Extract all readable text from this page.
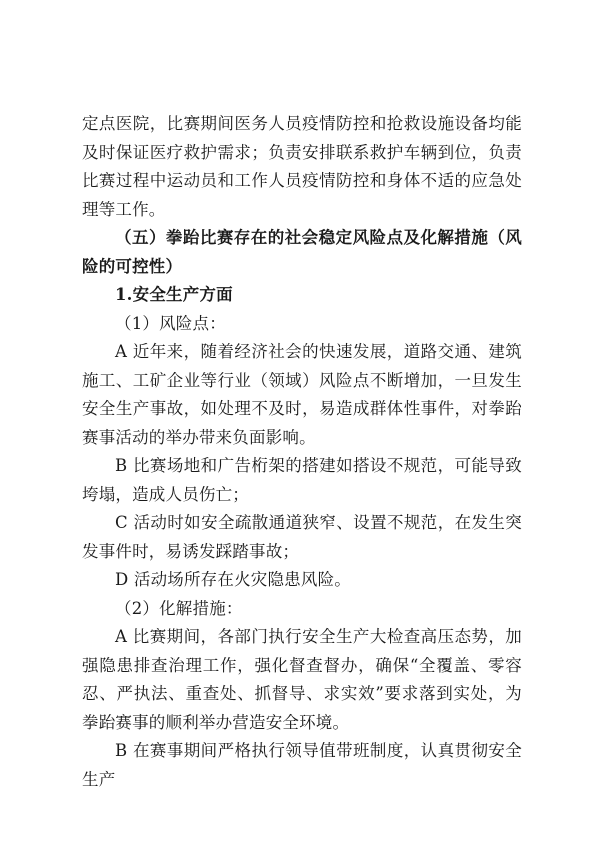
定点医院，比赛期间医务人员疫情防控和抢救设施设备均能及时保证医疗救护需求；负责安排联系救护车辆到位，负责比赛过程中运动员和工作人员疫情防控和身体不适的应急处理等工作。

（五）拳跆比赛存在的社会稳定风险点及化解措施（风险的可控性）

1.安全生产方面

（1）风险点：

A 近年来，随着经济社会的快速发展，道路交通、建筑施工、工矿企业等行业（领域）风险点不断增加，一旦发生安全生产事故，如处理不及时，易造成群体性事件，对拳跆赛事活动的举办带来负面影响。

B 比赛场地和广告桁架的搭建如搭设不规范，可能导致垮塌，造成人员伤亡；

C 活动时如安全疏散通道狭窄、设置不规范，在发生突发事件时，易诱发踩踏事故；

D 活动场所存在火灾隐患风险。

（2）化解措施：

A 比赛期间，各部门执行安全生产大检查高压态势，加强隐患排查治理工作，强化督查督办，确保“全覆盖、零容忍、严执法、重查处、抓督导、求实效”要求落到实处，为拳跆赛事的顺利举办营造安全环境。

B 在赛事期间严格执行领导值带班制度，认真贯彻安全生产
